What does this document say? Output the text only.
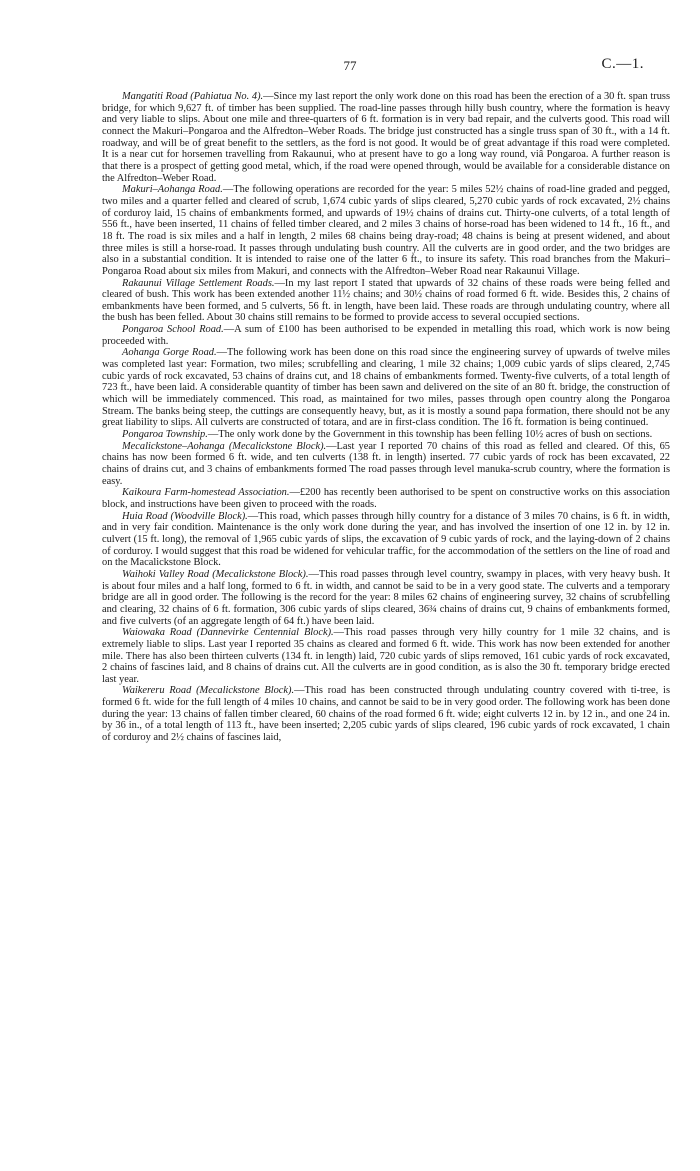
77	C.—1.

Mangatiti Road (Pahiatua No. 4).—Since my last report the only work done on this road has been the erection of a 30 ft. span truss bridge, for which 9,627 ft. of timber has been supplied. The road-line passes through hilly bush country, where the formation is heavy and very liable to slips. About one mile and three-quarters of 6 ft. formation is in very bad repair, and the culverts good. This road will connect the Makuri–Pongaroa and the Alfredton–Weber Roads. The bridge just constructed has a single truss span of 30 ft., with a 14 ft. roadway, and will be of great benefit to the settlers, as the ford is not good. It would be of great advantage if this road were completed. It is a near cut for horsemen travelling from Rakaunui, who at present have to go a long way round, viâ Pongaroa. A further reason is that there is a prospect of getting good metal, which, if the road were opened through, would be available for a considerable distance on the Alfredton–Weber Road.

Makuri–Aohanga Road.—The following operations are recorded for the year: 5 miles 52½ chains of road-line graded and pegged, two miles and a quarter felled and cleared of scrub, 1,674 cubic yards of slips cleared, 5,270 cubic yards of rock excavated, 2½ chains of corduroy laid, 15 chains of embankments formed, and upwards of 19½ chains of drains cut. Thirty-one culverts, of a total length of 556 ft., have been inserted, 11 chains of felled timber cleared, and 2 miles 3 chains of horse-road has been widened to 14 ft., 16 ft., and 18 ft. The road is six miles and a half in length, 2 miles 68 chains being dray-road; 48 chains is being at present widened, and about three miles is still a horse-road. It passes through undulating bush country. All the culverts are in good order, and the two bridges are also in a substantial condition. It is intended to raise one of the latter 6 ft., to insure its safety. This road branches from the Makuri–Pongaroa Road about six miles from Makuri, and connects with the Alfredton–Weber Road near Rakaunui Village.

Rakaunui Village Settlement Roads.—In my last report I stated that upwards of 32 chains of these roads were being felled and cleared of bush. This work has been extended another 11½ chains; and 30½ chains of road formed 6 ft. wide. Besides this, 2 chains of embankments have been formed, and 5 culverts, 56 ft. in length, have been laid. These roads are through undulating country, where all the bush has been felled. About 30 chains still remains to be formed to provide access to several occupied sections.

Pongaroa School Road.—A sum of £100 has been authorised to be expended in metalling this road, which work is now being proceeded with.

Aohanga Gorge Road.—The following work has been done on this road since the engineering survey of upwards of twelve miles was completed last year: Formation, two miles; scrubfelling and clearing, 1 mile 32 chains; 1,009 cubic yards of slips cleared, 2,745 cubic yards of rock excavated, 53 chains of drains cut, and 18 chains of embankments formed. Twenty-five culverts, of a total length of 723 ft., have been laid. A considerable quantity of timber has been sawn and delivered on the site of an 80 ft. bridge, the construction of which will be immediately commenced. This road, as maintained for two miles, passes through open country along the Pongaroa Stream. The banks being steep, the cuttings are consequently heavy, but, as it is mostly a sound papa formation, there should not be any great liability to slips. All culverts are constructed of totara, and are in first-class condition. The 16 ft. formation is being continued.

Pongaroa Township.—The only work done by the Government in this township has been felling 10½ acres of bush on sections.

Mecalickstone–Aohanga (Mecalickstone Block).—Last year I reported 70 chains of this road as felled and cleared. Of this, 65 chains has now been formed 6 ft. wide, and ten culverts (138 ft. in length) inserted. 77 cubic yards of rock has been excavated, 22 chains of drains cut, and 3 chains of embankments formed The road passes through level manuka-scrub country, where the formation is easy.

Kaikoura Farm-homestead Association.—£200 has recently been authorised to be spent on constructive works on this association block, and instructions have been given to proceed with the roads.

Huia Road (Woodville Block).—This road, which passes through hilly country for a distance of 3 miles 70 chains, is 6 ft. in width, and in very fair condition. Maintenance is the only work done during the year, and has involved the insertion of one 12 in. by 12 in. culvert (15 ft. long), the removal of 1,965 cubic yards of slips, the excavation of 9 cubic yards of rock, and the laying-down of 2 chains of corduroy. I would suggest that this road be widened for vehicular traffic, for the accommodation of the settlers on the line of road and on the Macalickstone Block.

Waihoki Valley Road (Mecalickstone Block).—This road passes through level country, swampy in places, with very heavy bush. It is about four miles and a half long, formed to 6 ft. in width, and cannot be said to be in a very good state. The culverts and a temporary bridge are all in good order. The following is the record for the year: 8 miles 62 chains of engineering survey, 32 chains of scrubfelling and clearing, 32 chains of 6 ft. formation, 306 cubic yards of slips cleared, 36¾ chains of drains cut, 9 chains of embankments formed, and five culverts (of an aggregate length of 64 ft.) have been laid.

Waiowaka Road (Dannevirke Centennial Block).—This road passes through very hilly country for 1 mile 32 chains, and is extremely liable to slips. Last year I reported 35 chains as cleared and formed 6 ft. wide. This work has now been extended for another mile. There has also been thirteen culverts (134 ft. in length) laid, 720 cubic yards of slips removed, 161 cubic yards of rock excavated, 2 chains of fascines laid, and 8 chains of drains cut. All the culverts are in good condition, as is also the 30 ft. temporary bridge erected last year.

Waikereru Road (Mecalickstone Block).—This road has been constructed through undulating country covered with ti-tree, is formed 6 ft. wide for the full length of 4 miles 10 chains, and cannot be said to be in very good order. The following work has been done during the year: 13 chains of fallen timber cleared, 60 chains of the road formed 6 ft. wide; eight culverts 12 in. by 12 in., and one 24 in. by 36 in., of a total length of 113 ft., have been inserted; 2,205 cubic yards of slips cleared, 196 cubic yards of rock excavated, 1 chain of corduroy and 2½ chains of fascines laid,
